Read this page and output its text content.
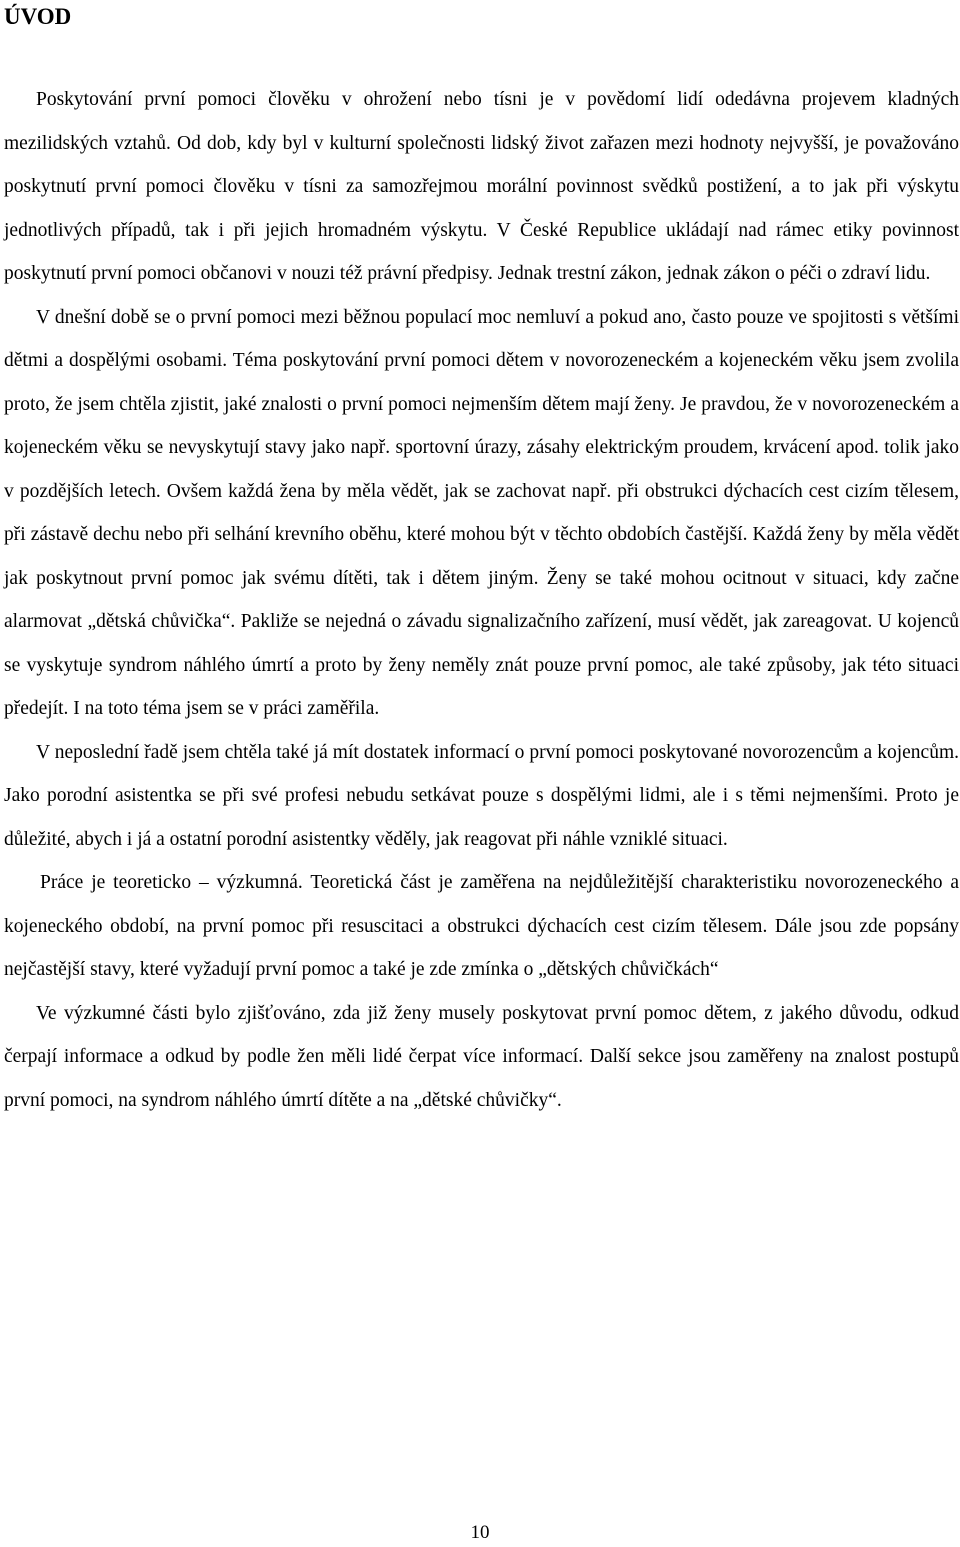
ÚVOD

Poskytování první pomoci člověku v ohrožení nebo tísni je v povědomí lidí odedávna projevem kladných mezilidských vztahů. Od dob, kdy byl v kulturní společnosti lidský život zařazen mezi hodnoty nejvyšší, je považováno poskytnutí první pomoci člověku v tísni za samozřejmou morální povinnost svědků postižení, a to jak při výskytu jednotlivých případů, tak i při jejich hromadném výskytu. V České Republice ukládají nad rámec etiky povinnost poskytnutí první pomoci občanovi v nouzi též právní předpisy. Jednak trestní zákon, jednak zákon o péči o zdraví lidu.

V dnešní době se o první pomoci mezi běžnou populací moc nemluví a pokud ano, často pouze ve spojitosti s většími dětmi a dospělými osobami. Téma poskytování první pomoci dětem v novorozeneckém a kojeneckém věku jsem zvolila proto, že jsem chtěla zjistit, jaké znalosti o první pomoci nejmenším dětem mají ženy. Je pravdou, že v novorozeneckém a kojeneckém věku se nevyskytují stavy jako např. sportovní úrazy, zásahy elektrickým proudem, krvácení apod. tolik jako v pozdějších letech. Ovšem každá žena by měla vědět, jak se zachovat např. při obstrukci dýchacích cest cizím tělesem, při zástavě dechu nebo při selhání krevního oběhu, které mohou být v těchto obdobích častější. Každá ženy by měla vědět jak poskytnout první pomoc jak svému dítěti, tak i dětem jiným. Ženy se také mohou ocitnout v situaci, kdy začne alarmovat „dětská chůvička“. Pakliže se nejedná o závadu signalizačního zařízení, musí vědět, jak zareagovat. U kojenců se vyskytuje syndrom náhlého úmrtí a proto by ženy neměly znát pouze první pomoc, ale také způsoby, jak této situaci předejít. I na toto téma jsem se v práci zaměřila.

V neposlední řadě jsem chtěla také já mít dostatek informací o první pomoci poskytované novorozencům a kojencům. Jako porodní asistentka se při své profesi nebudu setkávat pouze s dospělými lidmi, ale i s těmi nejmenšími. Proto je důležité, abych i já a ostatní porodní asistentky věděly, jak reagovat při náhle vzniklé situaci.

Práce je teoreticko – výzkumná. Teoretická část je zaměřena na nejdůležitější charakteristiku novorozeneckého a kojeneckého období, na první pomoc při resuscitaci a obstrukci dýchacích cest cizím tělesem. Dále jsou zde popsány nejčastější stavy, které vyžadují první pomoc a také je zde zmínka o „dětských chůvičkách“

Ve výzkumné části bylo zjišťováno, zda již ženy musely poskytovat první pomoc dětem, z jakého důvodu, odkud čerpají informace a odkud by podle žen měli lidé čerpat více informací. Další sekce jsou zaměřeny na znalost postupů první pomoci, na syndrom náhlého úmrtí dítěte a na „dětské chůvičky“.

10
